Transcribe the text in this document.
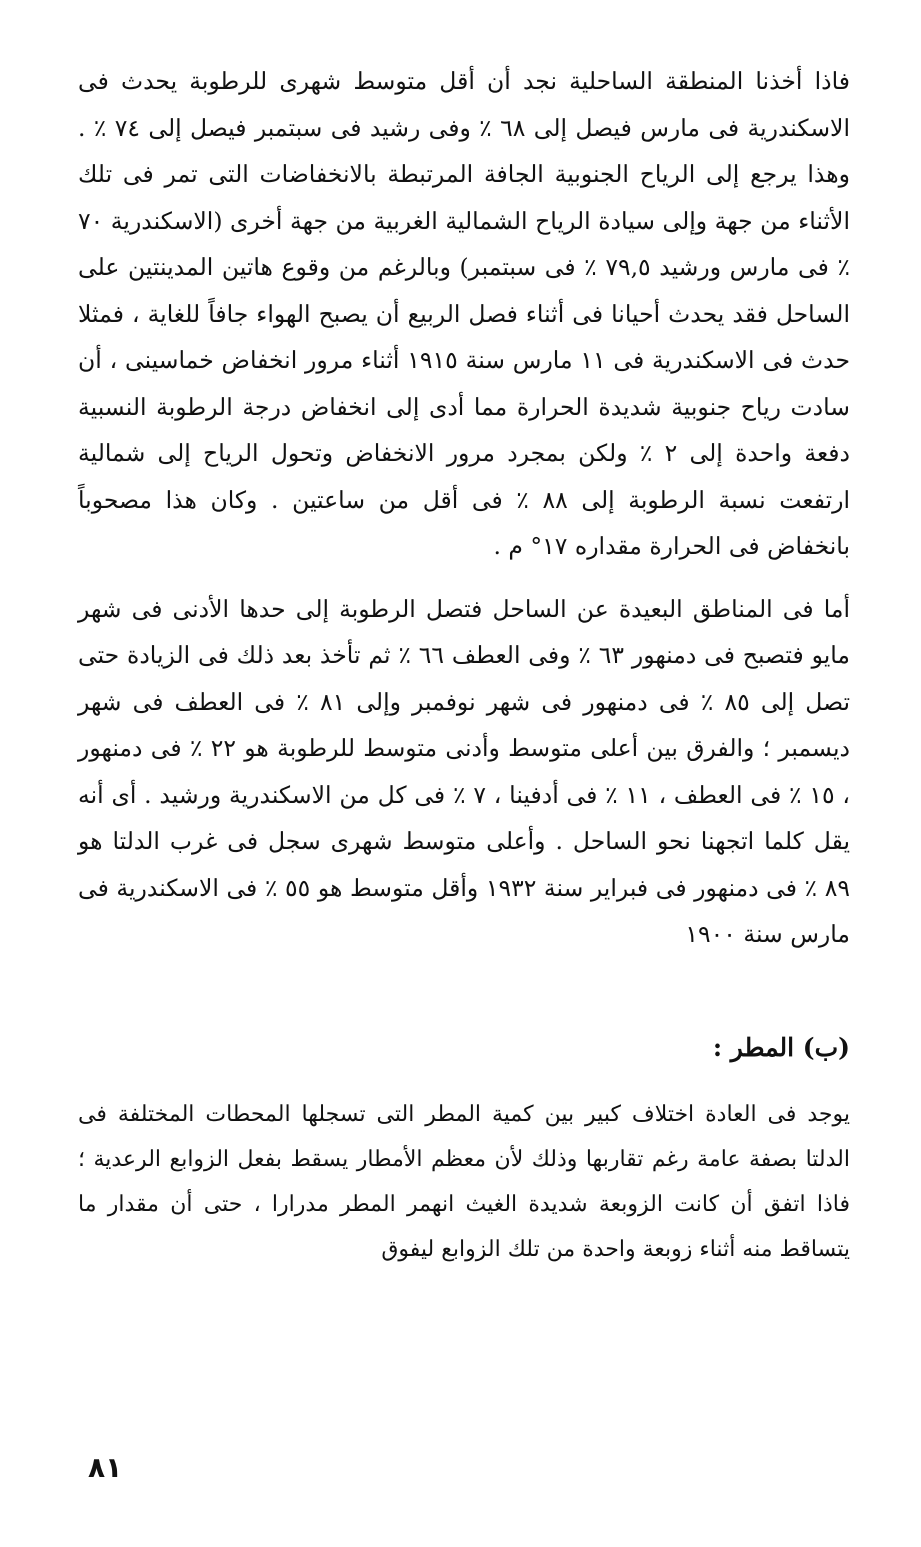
فاذا أخذنا المنطقة الساحلية نجد أن أقل متوسط شهرى للرطوبة يحدث فى الاسكندرية فى مارس فيصل إلى ٦٨ ٪ وفى رشيد فى سبتمبر فيصل إلى ٧٤ ٪ . وهذا يرجع إلى الرياح الجنوبية الجافة المرتبطة بالانخفاضات التى تمر فى تلك الأثناء من جهة وإلى سيادة الرياح الشمالية الغربية من جهة أخرى (الاسكندرية ٧٠ ٪ فى مارس ورشيد ٧٩,٥ ٪ فى سبتمبر) وبالرغم من وقوع هاتين المدينتين على الساحل فقد يحدث أحيانا فى أثناء فصل الربيع أن يصبح الهواء جافاً للغاية ، فمثلا حدث فى الاسكندرية فى ١١ مارس سنة ١٩١٥ أثناء مرور انخفاض خماسينى ، أن سادت رياح جنوبية شديدة الحرارة مما أدى إلى انخفاض درجة الرطوبة النسبية دفعة واحدة إلى ٢ ٪ ولكن بمجرد مرور الانخفاض وتحول الرياح إلى شمالية ارتفعت نسبة الرطوبة إلى ٨٨ ٪ فى أقل من ساعتين . وكان هذا مصحوباً بانخفاض فى الحرارة مقداره ١٧° م .

أما فى المناطق البعيدة عن الساحل فتصل الرطوبة إلى حدها الأدنى فى شهر مايو فتصبح فى دمنهور ٦٣ ٪ وفى العطف ٦٦ ٪ ثم تأخذ بعد ذلك فى الزيادة حتى تصل إلى ٨٥ ٪ فى دمنهور فى شهر نوفمبر وإلى ٨١ ٪ فى العطف فى شهر ديسمبر ؛ والفرق بين أعلى متوسط وأدنى متوسط للرطوبة هو ٢٢ ٪ فى دمنهور ، ١٥ ٪ فى العطف ، ١١ ٪ فى أدفينا ، ٧ ٪ فى كل من الاسكندرية ورشيد . أى أنه يقل كلما اتجهنا نحو الساحل . وأعلى متوسط شهرى سجل فى غرب الدلتا هو ٨٩ ٪ فى دمنهور فى فبراير سنة ١٩٣٢ وأقل متوسط هو ٥٥ ٪ فى الاسكندرية فى مارس سنة ١٩٠٠

(ب) المطر :

يوجد فى العادة اختلاف كبير بين كمية المطر التى تسجلها المحطات المختلفة فى الدلتا بصفة عامة رغم تقاربها وذلك لأن معظم الأمطار يسقط بفعل الزوابع الرعدية ؛ فاذا اتفق أن كانت الزوبعة شديدة الغيث انهمر المطر مدرارا ، حتى أن مقدار ما يتساقط منه أثناء زوبعة واحدة من تلك الزوابع ليفوق

٨١
